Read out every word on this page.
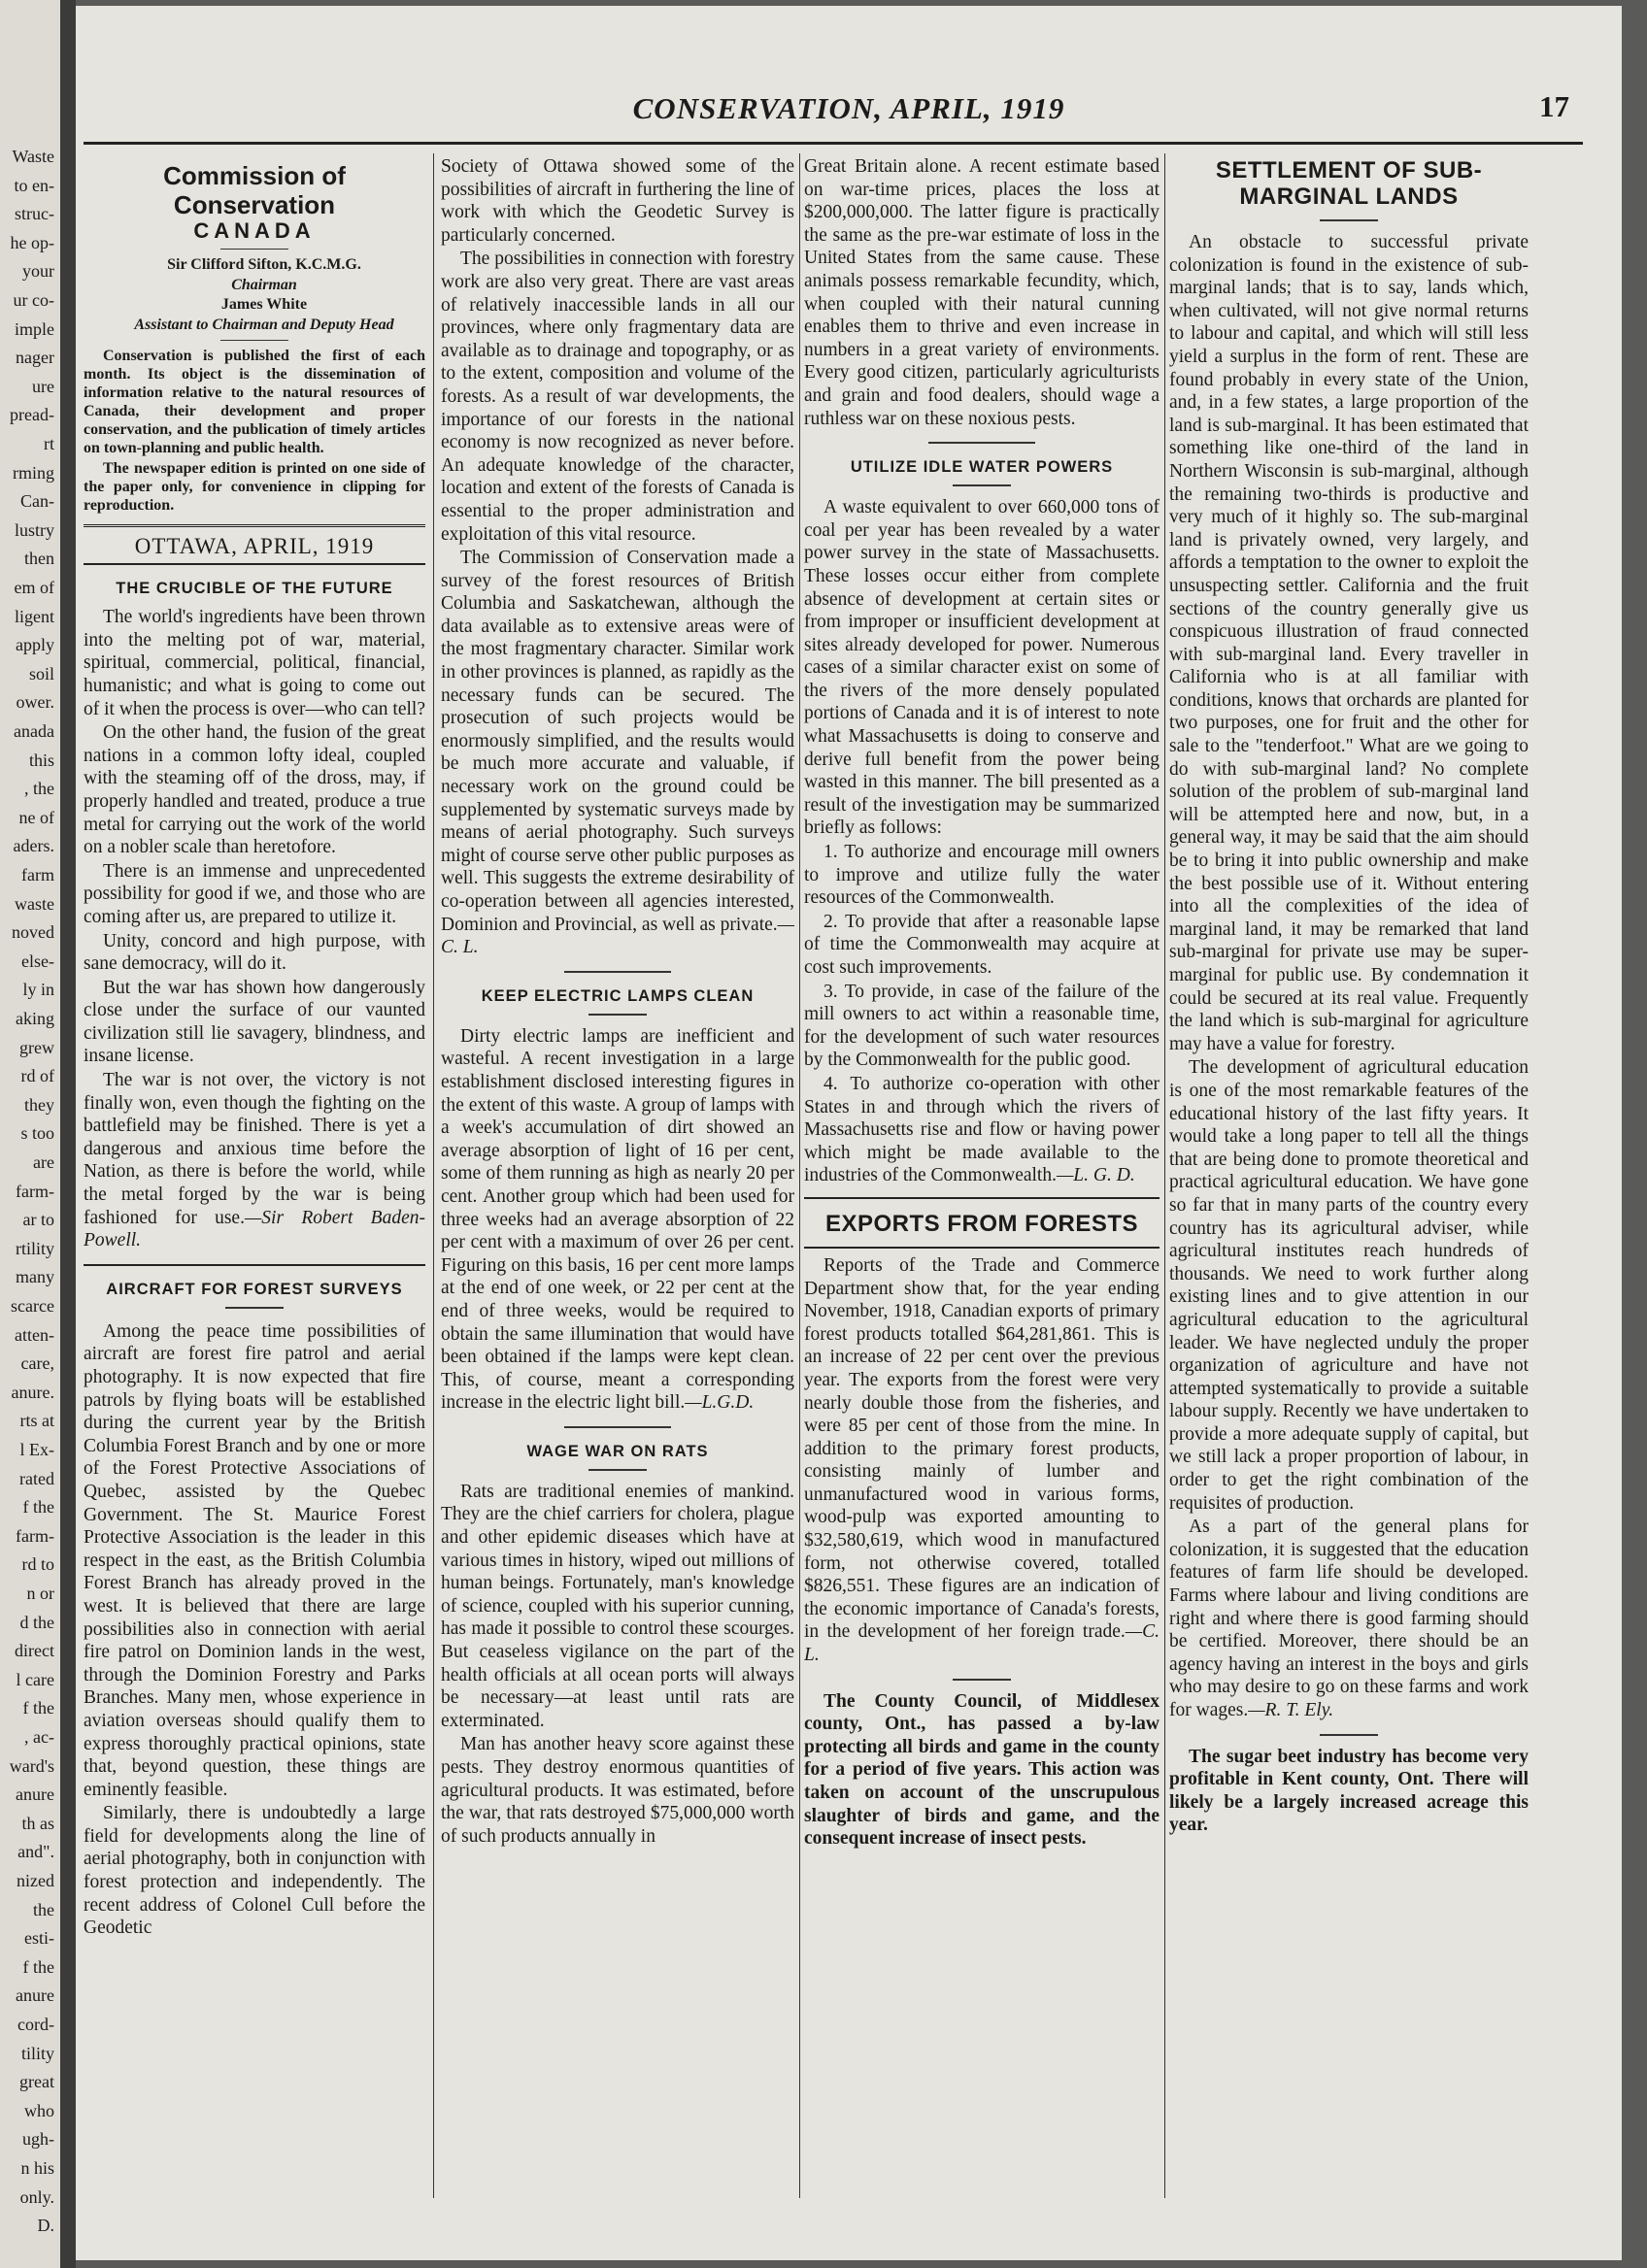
Waste

to en-

struc-

he op-

your

ur co-

imple

nager

ure

pread-

rt

rming

Can-

lustry

then

em of

ligent

apply

soil

ower.

anada

this

, the

ne of

aders.

farm

waste

noved

else-

ly in

aking

grew

rd of

they

s too

are

farm-

ar to

rtility

many

scarce

atten-

care,

anure.

rts at

l Ex-

rated

f the

farm-

rd to

n or

d the

direct

l care

f the

, ac-

ward's

anure

th as

and".

nized

the

esti-

f the

anure

cord-

tility

great

who

ugh-

n his

only.

D.

CONSERVATION, APRIL, 1919	17
Commission of Conservation
CANADA

Sir Clifford Sifton, K.C.M.G.

Chairman

James White

Assistant to Chairman and Deputy Head

Conservation is published the first of each month. Its object is the dissemination of information relative to the natural resources of Canada, their development and proper conservation, and the publication of timely articles on town-planning and public health.

The newspaper edition is printed on one side of the paper only, for convenience in clipping for reproduction.

OTTAWA, APRIL, 1919
THE CRUCIBLE OF THE FUTURE

The world's ingredients have been thrown into the melting pot of war, material, spiritual, commercial, political, financial, humanistic; and what is going to come out of it when the process is over—who can tell?

On the other hand, the fusion of the great nations in a common lofty ideal, coupled with the steaming off of the dross, may, if properly handled and treated, produce a true metal for carrying out the work of the world on a nobler scale than heretofore.

There is an immense and unprecedented possibility for good if we, and those who are coming after us, are prepared to utilize it.

Unity, concord and high purpose, with sane democracy, will do it.

But the war has shown how dangerously close under the surface of our vaunted civilization still lie savagery, blindness, and insane license.

The war is not over, the victory is not finally won, even though the fighting on the battlefield may be finished. There is yet a dangerous and anxious time before the Nation, as there is before the world, while the metal forged by the war is being fashioned for use.—Sir Robert Baden-Powell.

AIRCRAFT FOR FOREST SURVEYS

Among the peace time possibilities of aircraft are forest fire patrol and aerial photography. It is now expected that fire patrols by flying boats will be established during the current year by the British Columbia Forest Branch and by one or more of the Forest Protective Associations of Quebec, assisted by the Quebec Government. The St. Maurice Forest Protective Association is the leader in this respect in the east, as the British Columbia Forest Branch has already proved in the west. It is believed that there are large possibilities also in connection with aerial fire patrol on Dominion lands in the west, through the Dominion Forestry and Parks Branches. Many men, whose experience in aviation overseas should qualify them to express thoroughly practical opinions, state that, beyond question, these things are eminently feasible.

Similarly, there is undoubtedly a large field for developments along the line of aerial photography, both in conjunction with forest protection and independently. The recent address of Colonel Cull before the Geodetic

Society of Ottawa showed some of the possibilities of aircraft in furthering the line of work with which the Geodetic Survey is particularly concerned.

The possibilities in connection with forestry work are also very great. There are vast areas of relatively inaccessible lands in all our provinces, where only fragmentary data are available as to drainage and topography, or as to the extent, composition and volume of the forests. As a result of war developments, the importance of our forests in the national economy is now recognized as never before. An adequate knowledge of the character, location and extent of the forests of Canada is essential to the proper administration and exploitation of this vital resource.

The Commission of Conservation made a survey of the forest resources of British Columbia and Saskatchewan, although the data available as to extensive areas were of the most fragmentary character. Similar work in other provinces is planned, as rapidly as the necessary funds can be secured. The prosecution of such projects would be enormously simplified, and the results would be much more accurate and valuable, if necessary work on the ground could be supplemented by systematic surveys made by means of aerial photography. Such surveys might of course serve other public purposes as well. This suggests the extreme desirability of co-operation between all agencies interested, Dominion and Provincial, as well as private.—C. L.

KEEP ELECTRIC LAMPS CLEAN

Dirty electric lamps are inefficient and wasteful. A recent investigation in a large establishment disclosed interesting figures in the extent of this waste. A group of lamps with a week's accumulation of dirt showed an average absorption of light of 16 per cent, some of them running as high as nearly 20 per cent. Another group which had been used for three weeks had an average absorption of 22 per cent with a maximum of over 26 per cent. Figuring on this basis, 16 per cent more lamps at the end of one week, or 22 per cent at the end of three weeks, would be required to obtain the same illumination that would have been obtained if the lamps were kept clean. This, of course, meant a corresponding increase in the electric light bill.—L.G.D.

WAGE WAR ON RATS

Rats are traditional enemies of mankind. They are the chief carriers for cholera, plague and other epidemic diseases which have at various times in history, wiped out millions of human beings. Fortunately, man's knowledge of science, coupled with his superior cunning, has made it possible to control these scourges. But ceaseless vigilance on the part of the health officials at all ocean ports will always be necessary—at least until rats are exterminated.

Man has another heavy score against these pests. They destroy enormous quantities of agricultural products. It was estimated, before the war, that rats destroyed $75,000,000 worth of such products annually in

Great Britain alone. A recent estimate based on war-time prices, places the loss at $200,000,000. The latter figure is practically the same as the pre-war estimate of loss in the United States from the same cause. These animals possess remarkable fecundity, which, when coupled with their natural cunning enables them to thrive and even increase in numbers in a great variety of environments. Every good citizen, particularly agriculturists and grain and food dealers, should wage a ruthless war on these noxious pests.

UTILIZE IDLE WATER POWERS

A waste equivalent to over 660,000 tons of coal per year has been revealed by a water power survey in the state of Massachusetts. These losses occur either from complete absence of development at certain sites or from improper or insufficient development at sites already developed for power. Numerous cases of a similar character exist on some of the rivers of the more densely populated portions of Canada and it is of interest to note what Massachusetts is doing to conserve and derive full benefit from the power being wasted in this manner. The bill presented as a result of the investigation may be summarized briefly as follows:

1. To authorize and encourage mill owners to improve and utilize fully the water resources of the Commonwealth.

2. To provide that after a reasonable lapse of time the Commonwealth may acquire at cost such improvements.

3. To provide, in case of the failure of the mill owners to act within a reasonable time, for the development of such water resources by the Commonwealth for the public good.

4. To authorize co-operation with other States in and through which the rivers of Massachusetts rise and flow or having power which might be made available to the industries of the Commonwealth.—L. G. D.

EXPORTS FROM FORESTS

Reports of the Trade and Commerce Department show that, for the year ending November, 1918, Canadian exports of primary forest products totalled $64,281,861. This is an increase of 22 per cent over the previous year. The exports from the forest were very nearly double those from the fisheries, and were 85 per cent of those from the mine. In addition to the primary forest products, consisting mainly of lumber and unmanufactured wood in various forms, wood-pulp was exported amounting to $32,580,619, which wood in manufactured form, not otherwise covered, totalled $826,551. These figures are an indication of the economic importance of Canada's forests, in the development of her foreign trade.—C. L.

The County Council, of Middlesex county, Ont., has passed a by-law protecting all birds and game in the county for a period of five years. This action was taken on account of the unscrupulous slaughter of birds and game, and the consequent increase of insect pests.

SETTLEMENT OF SUB-MARGINAL LANDS

An obstacle to successful private colonization is found in the existence of sub-marginal lands; that is to say, lands which, when cultivated, will not give normal returns to labour and capital, and which will still less yield a surplus in the form of rent. These are found probably in every state of the Union, and, in a few states, a large proportion of the land is sub-marginal. It has been estimated that something like one-third of the land in Northern Wisconsin is sub-marginal, although the remaining two-thirds is productive and very much of it highly so. The sub-marginal land is privately owned, very largely, and affords a temptation to the owner to exploit the unsuspecting settler. California and the fruit sections of the country generally give us conspicuous illustration of fraud connected with sub-marginal land. Every traveller in California who is at all familiar with conditions, knows that orchards are planted for two purposes, one for fruit and the other for sale to the "tenderfoot." What are we going to do with sub-marginal land? No complete solution of the problem of sub-marginal land will be attempted here and now, but, in a general way, it may be said that the aim should be to bring it into public ownership and make the best possible use of it. Without entering into all the complexities of the idea of marginal land, it may be remarked that land sub-marginal for private use may be super-marginal for public use. By condemnation it could be secured at its real value. Frequently the land which is sub-marginal for agriculture may have a value for forestry.

The development of agricultural education is one of the most remarkable features of the educational history of the last fifty years. It would take a long paper to tell all the things that are being done to promote theoretical and practical agricultural education. We have gone so far that in many parts of the country every country has its agricultural adviser, while agricultural institutes reach hundreds of thousands. We need to work further along existing lines and to give attention in our agricultural education to the agricultural leader. We have neglected unduly the proper organization of agriculture and have not attempted systematically to provide a suitable labour supply. Recently we have undertaken to provide a more adequate supply of capital, but we still lack a proper proportion of labour, in order to get the right combination of the requisites of production.

As a part of the general plans for colonization, it is suggested that the education features of farm life should be developed. Farms where labour and living conditions are right and where there is good farming should be certified. Moreover, there should be an agency having an interest in the boys and girls who may desire to go on these farms and work for wages.—R. T. Ely.

The sugar beet industry has become very profitable in Kent county, Ont. There will likely be a largely increased acreage this year.
